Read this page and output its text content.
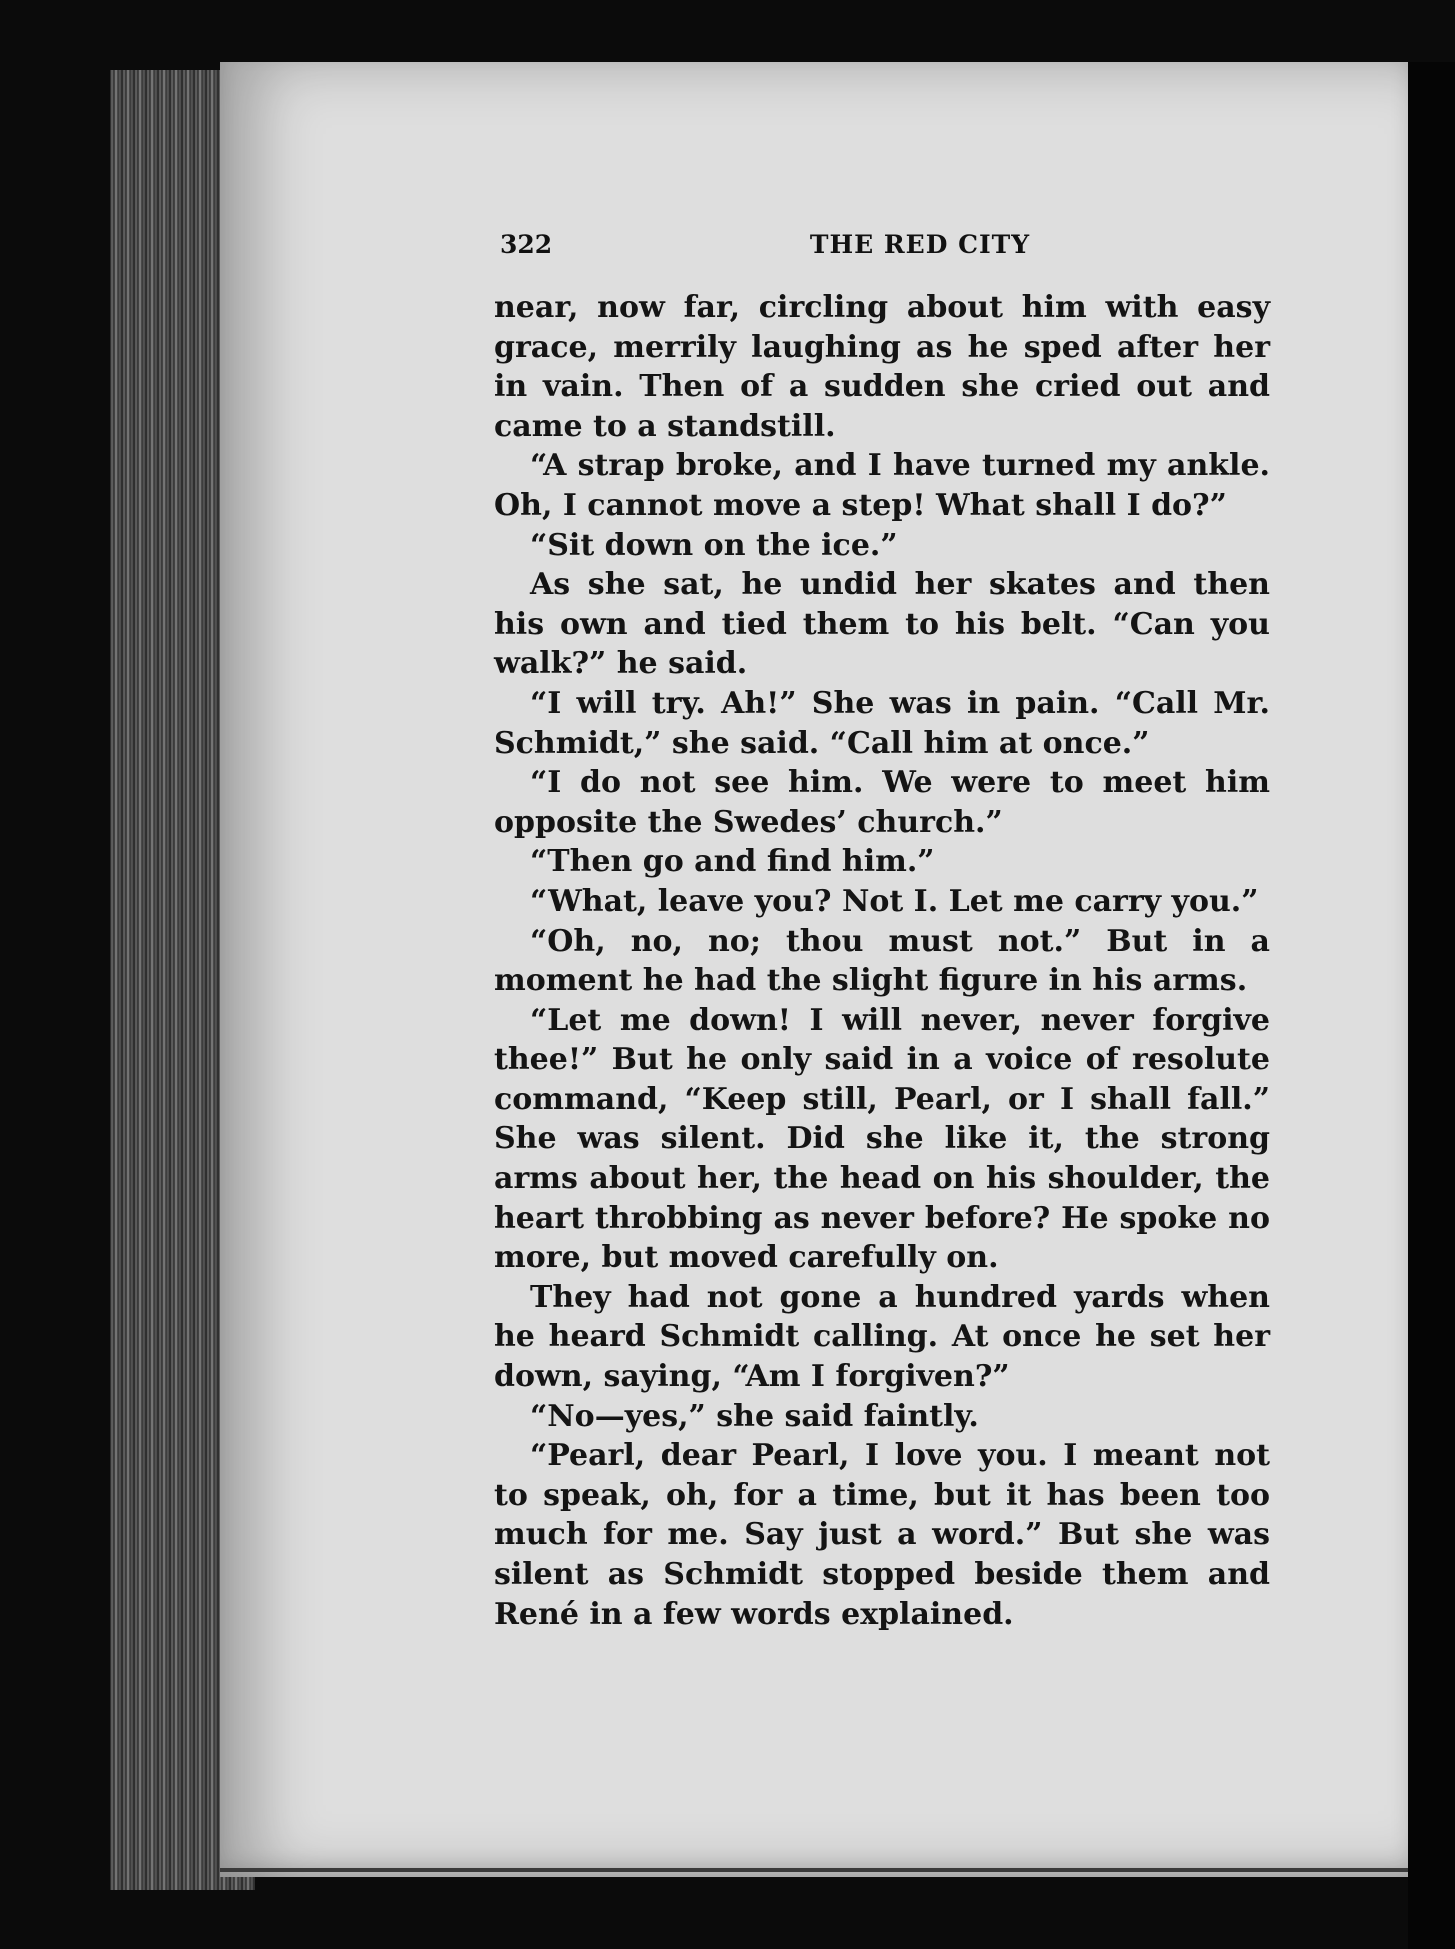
322	THE RED CITY

near, now far, circling about him with easy grace, merrily laughing as he sped after her in vain. Then of a sudden she cried out and came to a standstill.

“A strap broke, and I have turned my ankle. Oh, I cannot move a step! What shall I do?”

“Sit down on the ice.”

As she sat, he undid her skates and then his own and tied them to his belt. “Can you walk?” he said.

“I will try. Ah!” She was in pain. “Call Mr. Schmidt,” she said. “Call him at once.”

“I do not see him. We were to meet him opposite the Swedes’ church.”

“Then go and find him.”

“What, leave you? Not I. Let me carry you.”

“Oh, no, no; thou must not.” But in a moment he had the slight figure in his arms.

“Let me down! I will never, never forgive thee!” But he only said in a voice of resolute command, “Keep still, Pearl, or I shall fall.” She was silent. Did she like it, the strong arms about her, the head on his shoulder, the heart throbbing as never before? He spoke no more, but moved carefully on.

They had not gone a hundred yards when he heard Schmidt calling. At once he set her down, saying, “Am I forgiven?”

“No—yes,” she said faintly.

“Pearl, dear Pearl, I love you. I meant not to speak, oh, for a time, but it has been too much for me. Say just a word.” But she was silent as Schmidt stopped beside them and René in a few words explained.
